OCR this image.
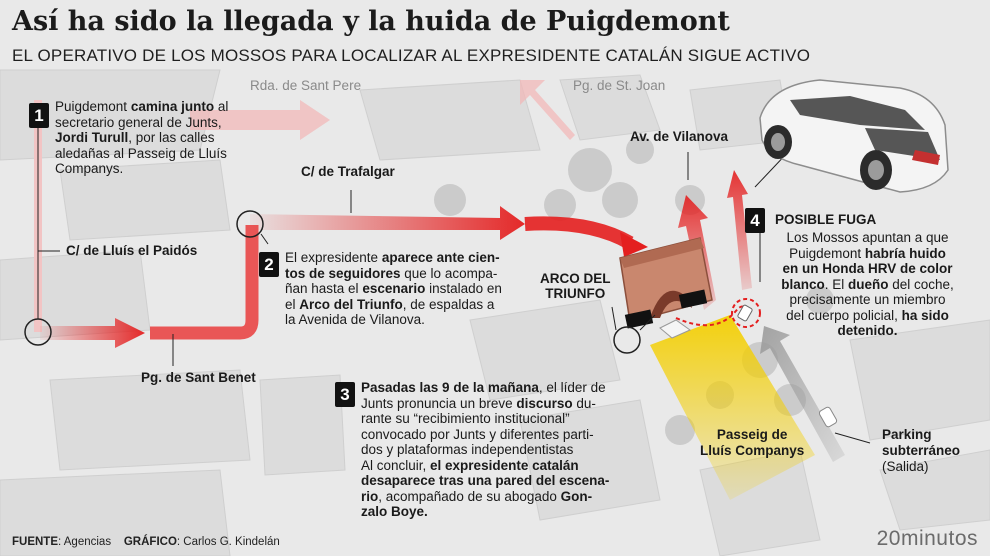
Así ha sido la llegada y la huida de Puigdemont
EL OPERATIVO DE LOS MOSSOS PARA LOCALIZAR AL EXPRESIDENTE CATALÁN SIGUE ACTIVO
Rda. de Sant Pere	Pg. de St. Joan
Av. de Vilanova
C/ de Trafalgar
C/ de Lluís el Paidós
Pg. de Sant Benet
ARCO DEL
TRIUNFO
Passeig de
Lluís Companys
Parking
subterráneo
(Salida)
1 Puigdemont camina junto al

secretario general de Junts,

Jordi Turull, por las calles

aledañas al Passeig de Lluís

Companys.

2 El expresidente aparece ante cien-

tos de seguidores que lo acompa-

ñan hasta el escenario instalado en

el Arco del Triunfo, de espaldas a

la Avenida de Vilanova.

3 Pasadas las 9 de la mañana, el líder de

Junts pronuncia un breve discurso du-

rante su “recibimiento institucional”

convocado por Junts y diferentes parti-

dos y plataformas independentistas

Al concluir, el expresidente catalán

desaparece tras una pared del escena-

rio, acompañado de su abogado Gon-

zalo Boye.

4	POSIBLE FUGA

Los Mossos apuntan a que

Puigdemont habría huido

en un Honda HRV de color

blanco. El dueño del coche,

precisamente un miembro

del cuerpo policial, ha sido

detenido.

FUENTE: Agencias GRÁFICO: Carlos G. Kindelán	20minutos
